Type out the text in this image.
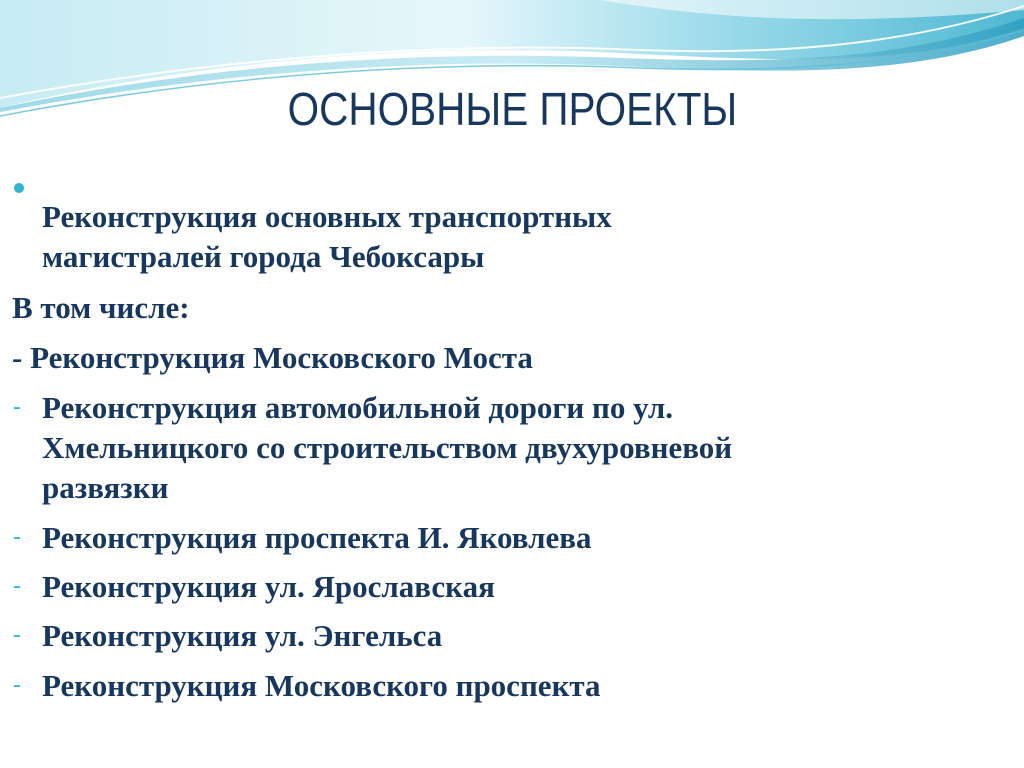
ОСНОВНЫЕ ПРОЕКТЫ
Реконструкция основных транспортных
магистралей города Чебоксары
В том числе:
- Реконструкция Московского Моста
- Реконструкция автомобильной дороги по ул.
Хмельницкого со строительством двухуровневой
развязки
- Реконструкция проспекта И. Яковлева
- Реконструкция ул. Ярославская
- Реконструкция ул. Энгельса
- Реконструкция Московского проспекта
